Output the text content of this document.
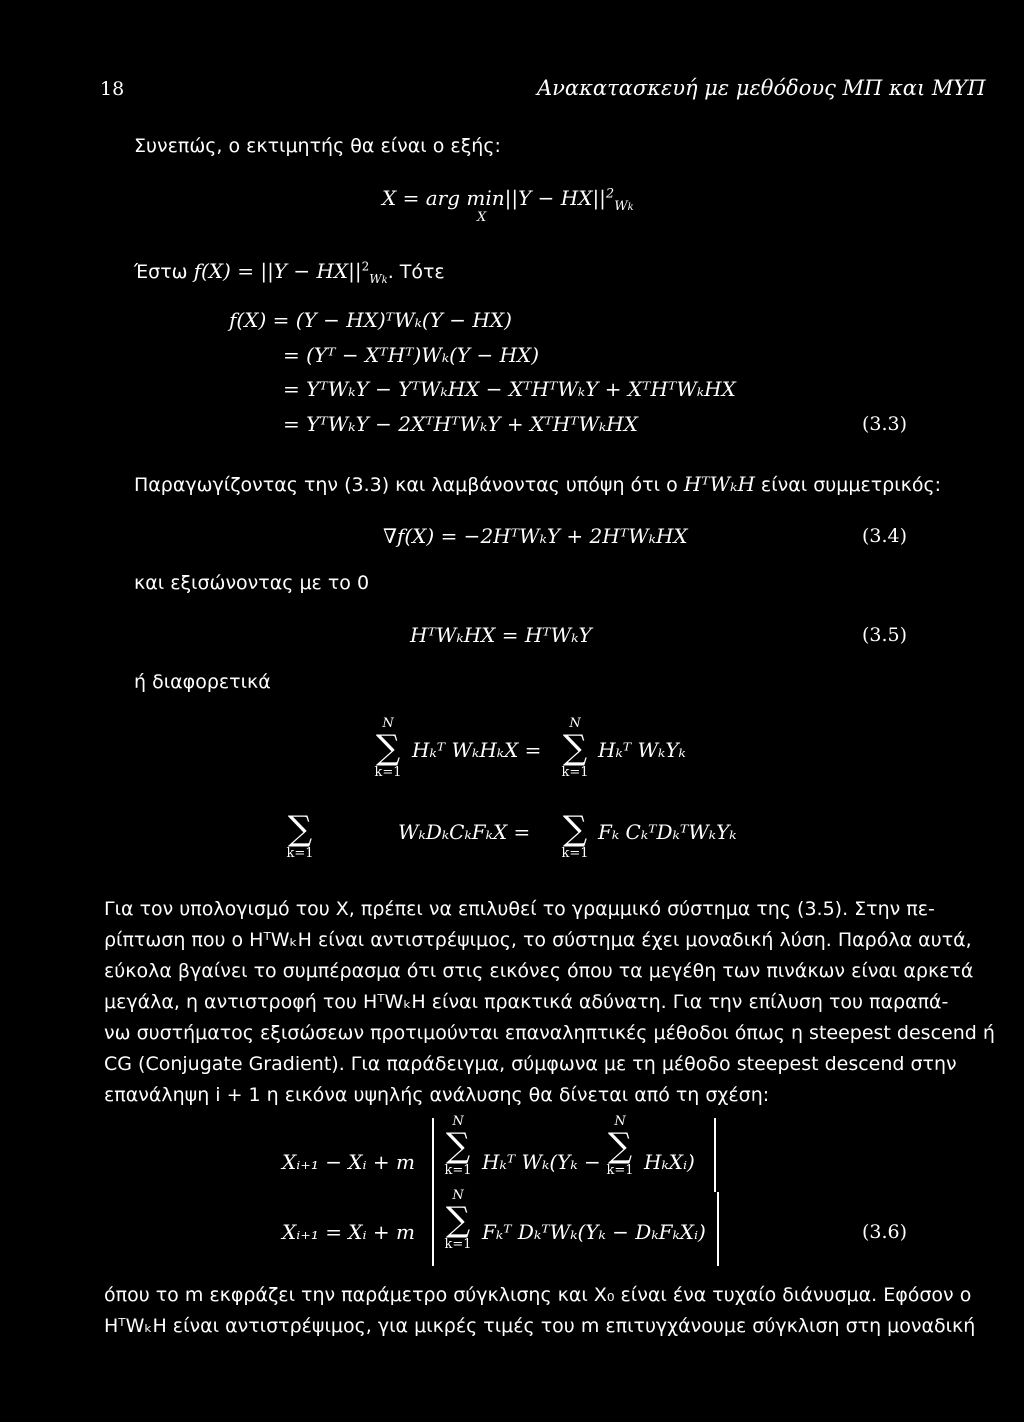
18	Ανακατασκευή με μεθόδους ΜΠ και ΜΥΠ
Συνεπώς, ο εκτιμητής θα είναι ο εξής:
X = arg $\min||Y - HX||^2_{Wk}$
X
Έστω $f(X) = ||Y - HX||^2_{Wk}$. Τότε
f(X) = (Y − HX)ᵀWₖ(Y − HX)
= (Yᵀ − XᵀHᵀ)Wₖ(Y − HX)
= YᵀWₖY − YᵀWₖHX − XᵀHᵀWₖY + XᵀHᵀWₖHX
= YᵀWₖY − 2XᵀHᵀWₖY + XᵀHᵀWₖHX	(3.3)
Παραγωγίζοντας την (3.3) και λαμβάνοντας υπόψη ότι ο HᵀWₖH είναι συμμετρικός:
∇f(X) = −2HᵀWₖY + 2HᵀWₖHX	(3.4)
και εξισώνοντας με το 0
HᵀWₖHX = HᵀWₖY	(3.5)
ή διαφορετικά
N
∑
k=1
Hₖᵀ WₖHₖX =
N
∑
k=1
Hₖᵀ WₖYₖ
∑
k=1
WₖDₖCₖFₖX = ∑
k=1
Fₖ CₖᵀDₖᵀWₖYₖ
Για τον υπολογισμό του X, πρέπει να επιλυθεί το γραμμικό σύστημα της (3.5). Στην πε-
ρίπτωση που ο HᵀWₖH είναι αντιστρέψιμος, το σύστημα έχει μοναδική λύση. Παρόλα αυτά,
εύκολα βγαίνει το συμπέρασμα ότι στις εικόνες όπου τα μεγέθη των πινάκων είναι αρκετά
μεγάλα, η αντιστροφή του HᵀWₖH είναι πρακτικά αδύνατη. Για την επίλυση του παραπά-
νω συστήματος εξισώσεων προτιμούνται επαναληπτικές μέθοδοι όπως η steepest descend ή
CG (Conjugate Gradient). Για παράδειγμα, σύμφωνα με τη μέθοδο steepest descend στην
επανάληψη i + 1 η εικόνα υψηλής ανάλυσης θα δίνεται από τη σχέση:
Xᵢ₊₁ − Xᵢ + m
N
∑
k=1 Hₖᵀ Wₖ(Yₖ −
N
∑
k=1 HₖXᵢ)
Xᵢ₊₁ = Xᵢ + m
N
∑
k=1
Fₖᵀ DₖᵀWₖ(Yₖ − DₖFₖXᵢ)	(3.6)
όπου το m εκφράζει την παράμετρο σύγκλισης και X₀ είναι ένα τυχαίο διάνυσμα. Εφόσον ο
HᵀWₖH είναι αντιστρέψιμος, για μικρές τιμές του m επιτυγχάνουμε σύγκλιση στη μοναδική
